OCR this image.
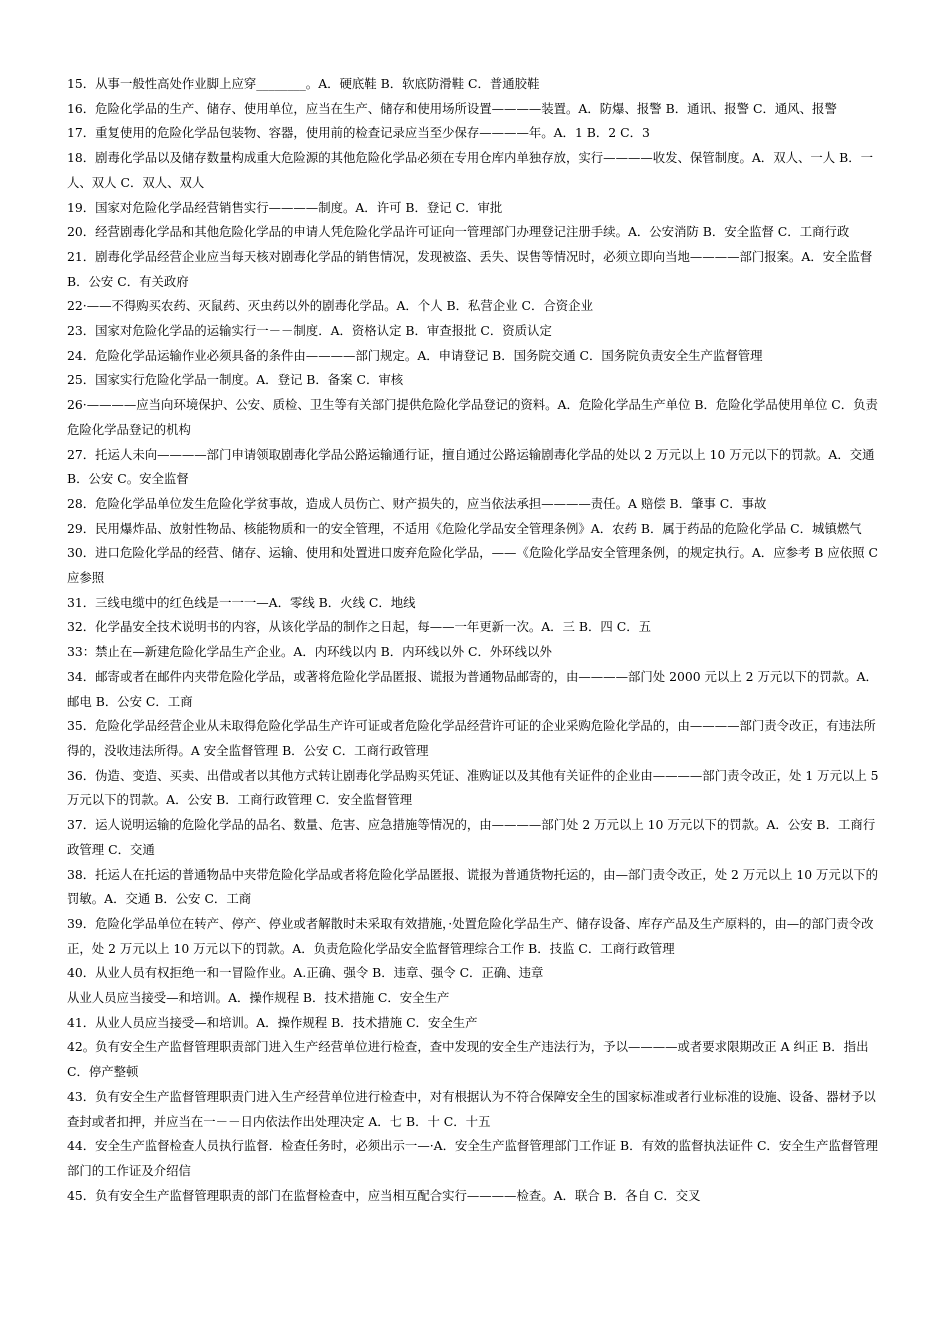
15．从事一般性高处作业脚上应穿________。A．硬底鞋 B．软底防滑鞋 C．普通胶鞋

16．危险化学品的生产、储存、使用单位，应当在生产、储存和使用场所设置————装置。A．防爆、报警 B．通讯、报警 C．通风、报警

17．重复使用的危险化学品包装物、容器，使用前的检查记录应当至少保存————年。A．1 B．2 C．3

18．剧毒化学品以及储存数量构成重大危险源的其他危险化学品必须在专用仓库内单独存放，实行————收发、保管制度。A．双人、一人 B．一人、双人 C．双人、双人

19．国家对危险化学品经营销售实行————制度。A．许可 B．登记 C．审批

20．经营剧毒化学品和其他危险化学品的申请人凭危险化学品许可证向一管理部门办理登记注册手续。A．公安消防 B．安全监督 C．工商行政

21．剧毒化学品经营企业应当每天核对剧毒化学品的销售情况，发现被盗、丢失、误售等情况时，必须立即向当地————部门报案。A．安全监督 B．公安 C．有关政府

22·——不得购买农药、灭鼠药、灭虫药以外的剧毒化学品。A．个人 B．私营企业 C．合资企业

23．国家对危险化学品的运输实行一－－制度．A．资格认定 B．审查报批 C．资质认定

24．危险化学品运输作业必须具备的条件由————部门规定。A．申请登记 B．国务院交通 C．国务院负责安全生产监督管理

25．国家实行危险化学品一制度。A．登记 B．备案 C．审核

26·————应当向环境保护、公安、质检、卫生等有关部门提供危险化学品登记的资料。A．危险化学品生产单位 B．危险化学品使用单位 C．负责危险化学品登记的机构

27．托运人未向————部门申请领取剧毒化学品公路运输通行证，擅自通过公路运输剧毒化学品的处以 2 万元以上 10 万元以下的罚款。A．交通 B．公安 C。安全监督

28．危险化学品单位发生危险化学贫事故，造成人员伤亡、财产损失的，应当依法承担————责任。A 赔偿 B．肇事 C．事故

29．民用爆炸品、放射性物品、核能物质和一的安全管理，不适用《危险化学品安全管理条例》A．农药 B．属于药品的危险化学品 C．城镇燃气

30．进口危险化学品的经营、储存、运输、使用和处置进口废弃危险化学品，——《危险化学品安全管理条例，的规定执行。A．应参考 B 应依照 C 应参照

31．三线电缆中的红色线是一一一—A．零线 B．火线 C．地线

32．化学晶安全技术说明书的内容，从该化学品的制作之日起，每——一年更新一次。A．三 B．四 C．五

33：禁止在—新建危险化学品生产企业。A．内环线以内 B．内环线以外 C．外环线以外

34．邮寄或者在邮件内夹带危险化学品，或著将危险化学品匿报、谎报为普通物品邮寄的，由————部门处 2000 元以上 2 万元以下的罚款。A．邮电 B．公安 C．工商

35．危险化学品经营企业从未取得危险化学品生产许可证或者危险化学品经营许可证的企业采购危险化学品的，由————部门责令改正，有违法所得的，没收违法所得。A 安全监督管理 B．公安 C．工商行政管理

36．伪造、变造、买卖、出借或者以其他方式转让剧毒化学品购买凭证、准购证以及其他有关证件的企业由————部门责令改正，处 1 万元以上 5 万元以下的罚款。A．公安 B．工商行政管理 C．安全监督管理

37．运人说明运输的危险化学品的品名、数量、危害、应急措施等情况的，由————部门处 2 万元以上 10 万元以下的罚款。A．公安 B．工商行政管理 C．交通

38．托运人在托运的普通物品中夹带危险化学品或者将危险化学品匿报、谎报为普通货物托运的，由—部门责令改正，处 2 万元以上 10 万元以下的罚敏。A．交通 B．公安 C．工商

39．危险化学品单位在转产、停产、停业或者解散时未采取有效措施，·处置危险化学品生产、储存设备、库存产品及生产原料的，由—的部门责令改正，处 2 万元以上 10 万元以下的罚款。A．负责危险化学品安全监督管理综合工作 B．技监 C．工商行政管理

40．从业人员有权拒绝一和一冒险作业。A.正确、强令 B．违章、强令 C．正确、违章

从业人员应当接受—和培训。A．操作规程 B．技术措施 C．安全生产

41．从业人员应当接受—和培训。A．操作规程 B．技术措施 C．安全生产

42。负有安全生产监督管理职责部门进入生产经营单位进行检查，查中发现的安全生产违法行为，予以————或者要求限期改正 A 纠正 B．指出 C．停产整顿

43．负有安全生产监督管理职责门进入生产经营单位进行检查中，对有根据认为不符合保障安全生的国家标准或者行业标准的设施、设备、器材予以查封或者扣押，并应当在一－－日内依法作出处理决定 A．七 B．十 C．十五

44．安全生产监督检查人员执行监督．检查任务时，必须出示一—·A．安全生产监督管理部门工作证 B．有效的监督执法证件 C．安全生产监督管理部门的工作证及介绍信

45．负有安全生产监督管理职责的部门在监督检查中，应当相互配合实行————检查。A．联合 B．各自 C．交叉
